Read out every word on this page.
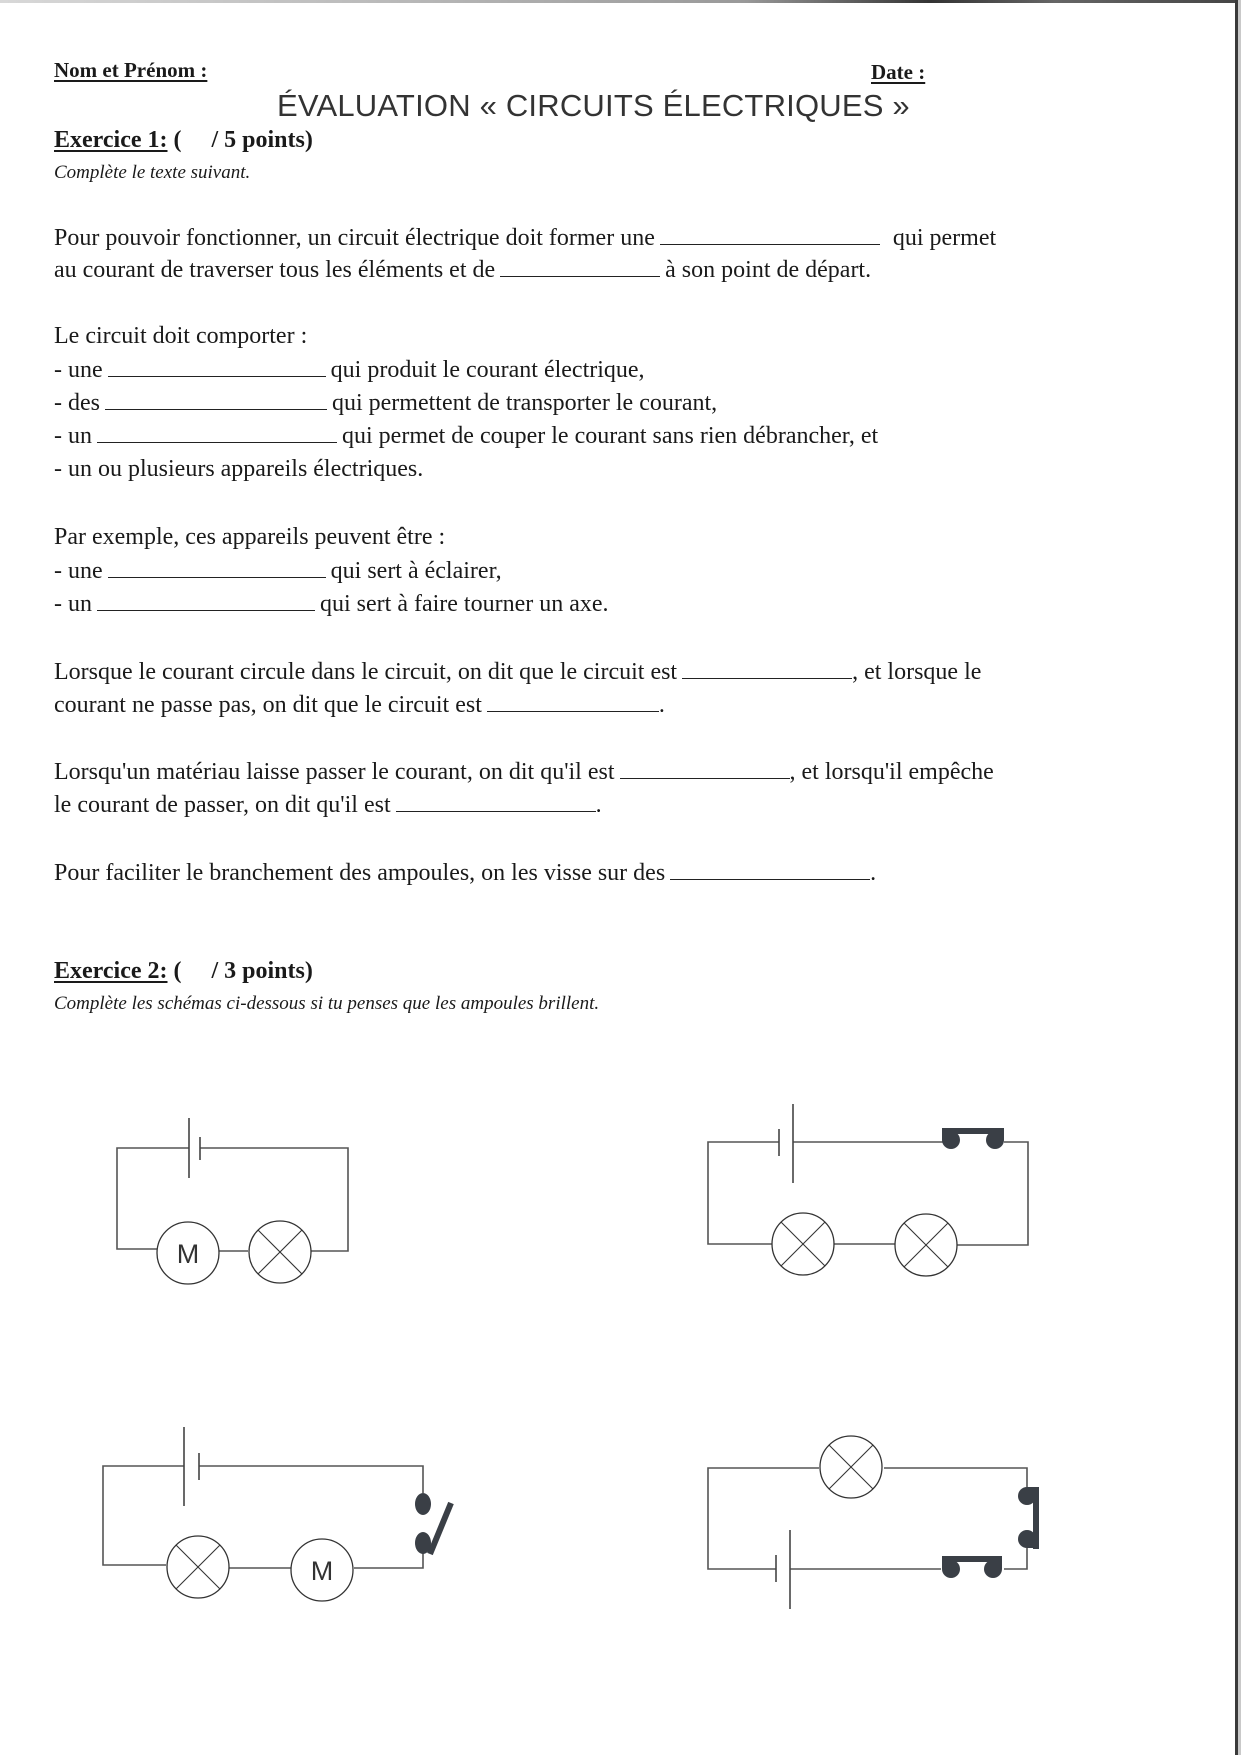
Nom et Prénom :	Date :
ÉVALUATION « CIRCUITS ÉLECTRIQUES »
Exercice 1: (     / 5 points)
Complète le texte suivant.
Pour pouvoir fonctionner, un circuit électrique doit former une	qui permet
au courant de traverser tous les éléments et de	à son point de départ.
Le circuit doit comporter :
- une	qui produit le courant électrique,
- des	qui permettent de transporter le courant,
- un	qui permet de couper le courant sans rien débrancher, et
- un ou plusieurs appareils électriques.
Par exemple, ces appareils peuvent être :
- une	qui sert à éclairer,
- un	qui sert à faire tourner un axe.
Lorsque le courant circule dans le circuit, on dit que le circuit est	, et lorsque le
courant ne passe pas, on dit que le circuit est	.
Lorsqu'un matériau laisse passer le courant, on dit qu'il est	, et lorsqu'il empêche
le courant de passer, on dit qu'il est	.
Pour faciliter le branchement des ampoules, on les visse sur des	.
Exercice 2: (     / 3 points)
Complète les schémas ci-dessous si tu penses que les ampoules brillent.
M
M
